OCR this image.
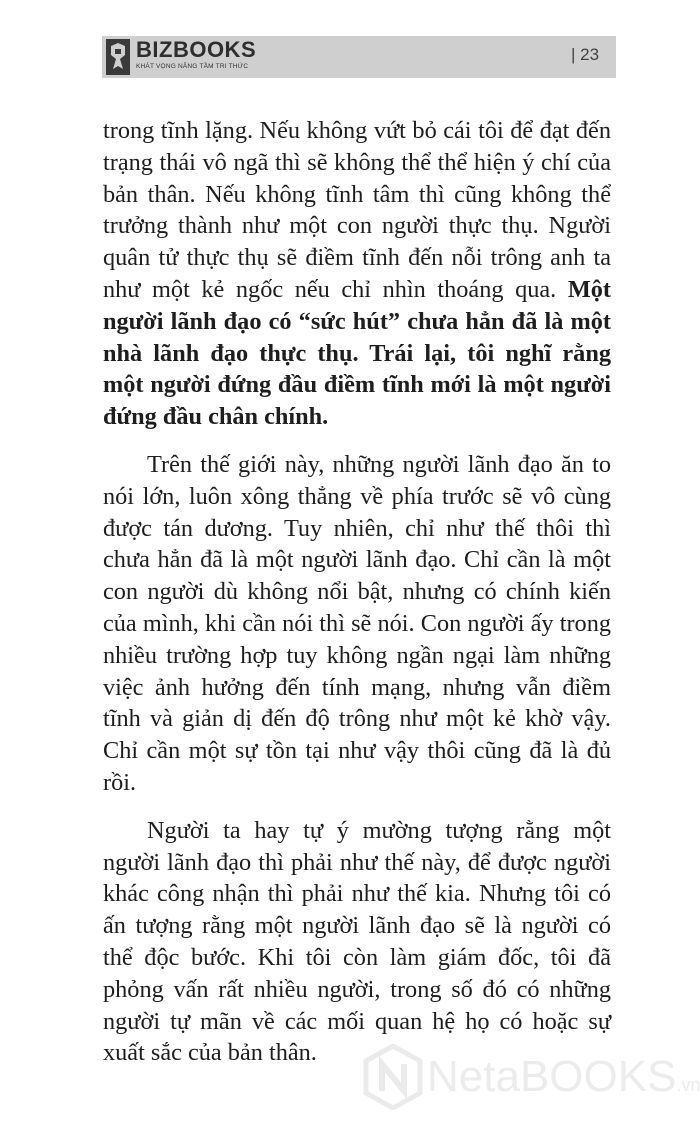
BIZBOOKS
KHÁT VỌNG NÂNG TẦM TRI THỨC
| 23

trong tĩnh lặng. Nếu không vứt bỏ cái tôi để đạt đến trạng thái vô ngã thì sẽ không thể thể hiện ý chí của bản thân. Nếu không tĩnh tâm thì cũng không thể trưởng thành như một con người thực thụ. Người quân tử thực thụ sẽ điềm tĩnh đến nỗi trông anh ta như một kẻ ngốc nếu chỉ nhìn thoáng qua. Một người lãnh đạo có “sức hút” chưa hẳn đã là một nhà lãnh đạo thực thụ. Trái lại, tôi nghĩ rằng một người đứng đầu điềm tĩnh mới là một người đứng đầu chân chính.

Trên thế giới này, những người lãnh đạo ăn to nói lớn, luôn xông thẳng về phía trước sẽ vô cùng được tán dương. Tuy nhiên, chỉ như thế thôi thì chưa hẳn đã là một người lãnh đạo. Chỉ cần là một con người dù không nổi bật, nhưng có chính kiến của mình, khi cần nói thì sẽ nói. Con người ấy trong nhiều trường hợp tuy không ngần ngại làm những việc ảnh hưởng đến tính mạng, nhưng vẫn điềm tĩnh và giản dị đến độ trông như một kẻ khờ vậy. Chỉ cần một sự tồn tại như vậy thôi cũng đã là đủ rồi.

Người ta hay tự ý mường tượng rằng một người lãnh đạo thì phải như thế này, để được người khác công nhận thì phải như thế kia. Nhưng tôi có ấn tượng rằng một người lãnh đạo sẽ là người có thể độc bước. Khi tôi còn làm giám đốc, tôi đã phỏng vấn rất nhiều người, trong số đó có những người tự mãn về các mối quan hệ họ có hoặc sự xuất sắc của bản thân.	NetaBOOKS.vn
